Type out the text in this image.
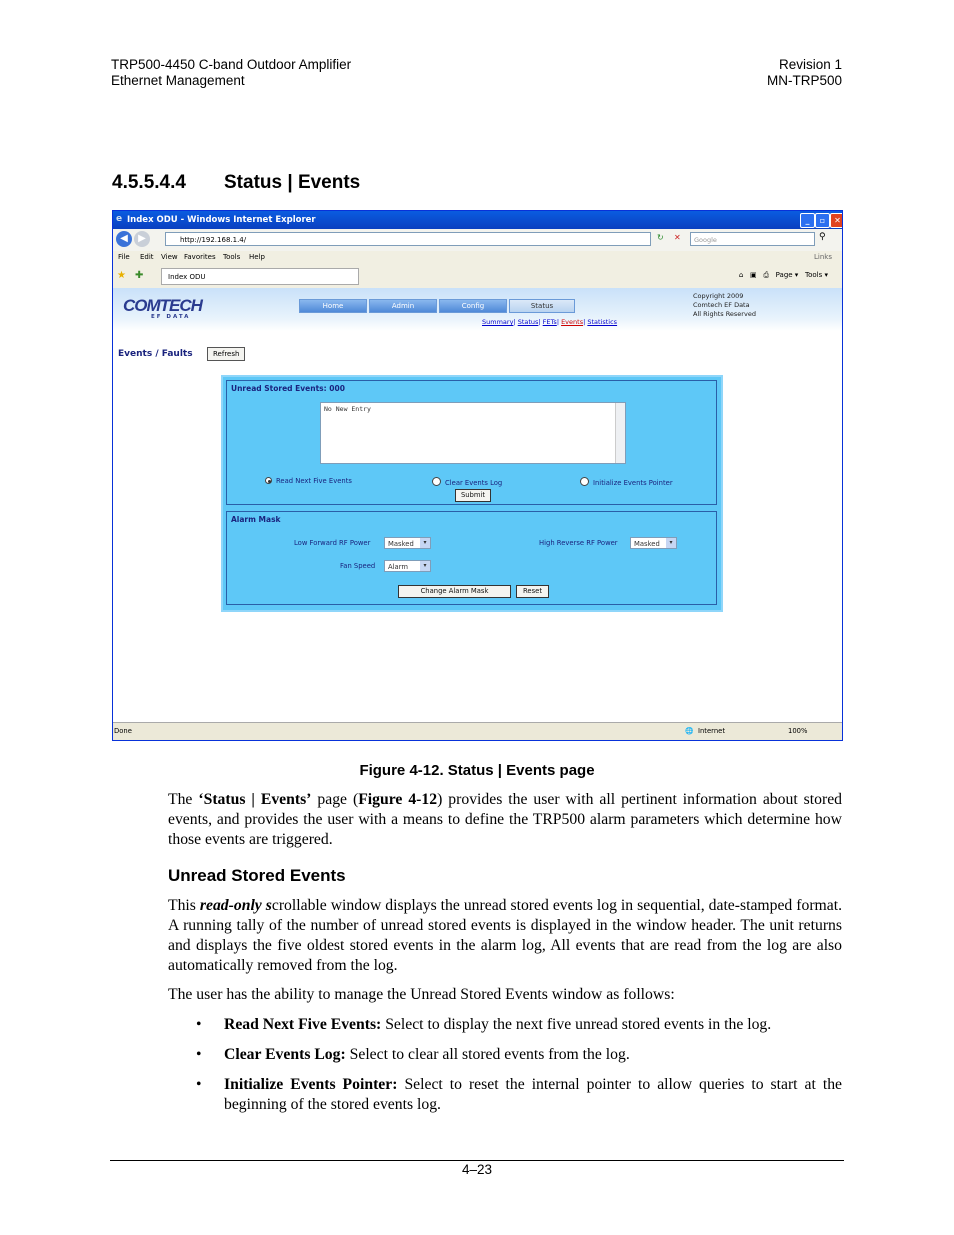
TRP500-4450 C-band Outdoor Amplifier
Ethernet Management
Revision 1
MN-TRP500
4.5.5.4.4 Status | Events
e Index ODU - Windows Internet Explorer	_	▫	✕
◀	▶	http://192.168.1.4/	↻ ✕	Google	⚲
File Edit View Favorites Tools Help	Links
★ ✚	Index ODU	⌂ ▣ ⎙ Page ▾   Tools ▾
COMTECH
EF DATA
Home	Admin	Config	Status
Summary| Status| FETs| Events| Statistics
Copyright 2009
Comtech EF Data
All Rights Reserved
Events / Faults	Refresh
Unread Stored Events: 000
No New Entry
Read Next Five Events	Clear Events Log	Initialize Events Pointer
Submit
Alarm Mask
Low Forward RF Power	Masked	▾	High Reverse RF Power	Masked	▾
Fan Speed	Alarm	▾
Change Alarm Mask	Reset
Done	🌐 Internet	100%
Figure 4-12. Status | Events page
The ‘Status | Events’ page (Figure 4-12) provides the user with all pertinent information about stored events, and provides the user with a means to define the TRP500 alarm parameters which determine how those events are triggered.
Unread Stored Events
This read-only scrollable window displays the unread stored events log in sequential, date-stamped format. A running tally of the number of unread stored events is displayed in the window header. The unit returns and displays the five oldest stored events in the alarm log, All events that are read from the log are also automatically removed from the log.
The user has the ability to manage the Unread Stored Events window as follows:
• Read Next Five Events: Select to display the next five unread stored events in the log.
• Clear Events Log: Select to clear all stored events from the log.
• Initialize Events Pointer: Select to reset the internal pointer to allow queries to start at the beginning of the stored events log.
4–23
